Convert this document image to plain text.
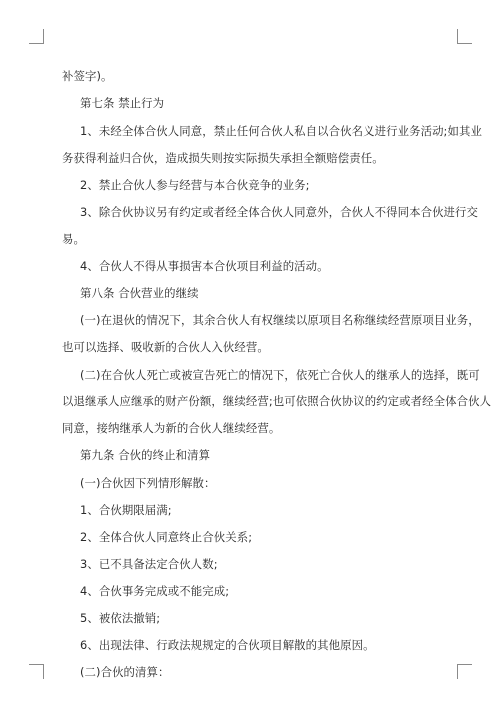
补签字)。
第七条 禁止行为
1、未经全体合伙人同意，禁止任何合伙人私自以合伙名义进行业务活动;如其业
务获得利益归合伙，造成损失则按实际损失承担全额赔偿责任。
2、禁止合伙人参与经营与本合伙竞争的业务;
3、除合伙协议另有约定或者经全体合伙人同意外，合伙人不得同本合伙进行交
易。
4、合伙人不得从事损害本合伙项目利益的活动。
第八条 合伙营业的继续
(一)在退伙的情况下，其余合伙人有权继续以原项目名称继续经营原项目业务，
也可以选择、吸收新的合伙人入伙经营。
(二)在合伙人死亡或被宣告死亡的情况下，依死亡合伙人的继承人的选择，既可
以退继承人应继承的财产份额，继续经营;也可依照合伙协议的约定或者经全体合伙人
同意，接纳继承人为新的合伙人继续经营。
第九条 合伙的终止和清算
(一)合伙因下列情形解散：
1、合伙期限届满;
2、全体合伙人同意终止合伙关系;
3、已不具备法定合伙人数;
4、合伙事务完成或不能完成;
5、被依法撤销;
6、出现法律、行政法规规定的合伙项目解散的其他原因。
(二)合伙的清算：
